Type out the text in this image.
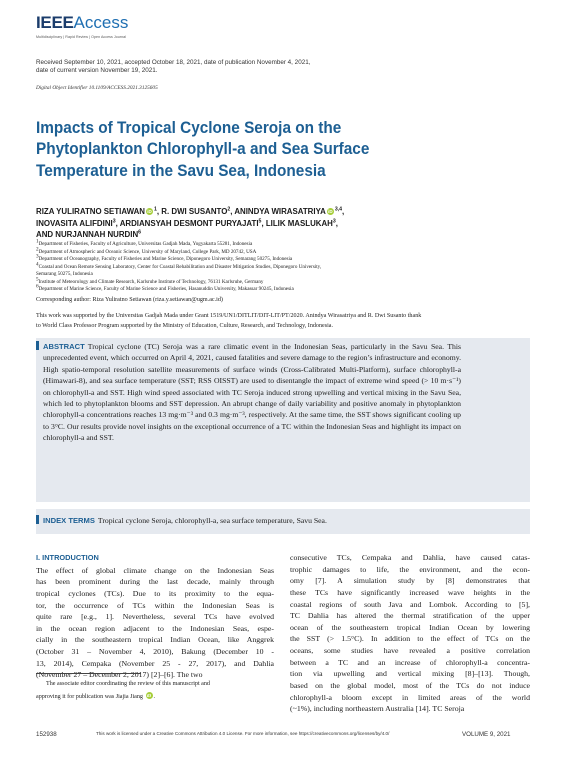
IEEEAccess
Multidisciplinary | Rapid Review | Open Access Journal
Received September 10, 2021, accepted October 18, 2021, date of publication November 4, 2021,
date of current version November 19, 2021.
Digital Object Identifier 10.1109/ACCESS.2021.3125605
Impacts of Tropical Cyclone Seroja on the
Phytoplankton Chlorophyll-a and Sea Surface
Temperature in the Savu Sea, Indonesia
RIZA YULIRATNO SETIAWAN iD $^1$, R. DWI SUSANTO$^2$, ANINDYA WIRASATRIYA iD $^{3,4}$,
INOVASITA ALIFDINI$^3$, ARDIANSYAH DESMONT PURYAJATI$^5$, LILIK MASLUKAH$^3$,
AND NURJANNAH NURDIN$^6$
$^1$Department of Fisheries, Faculty of Agriculture, Universitas Gadjah Mada, Yogyakarta 55281, Indonesia
$^2$Department of Atmospheric and Oceanic Science, University of Maryland, College Park, MD 20742, USA
$^3$Department of Oceanography, Faculty of Fisheries and Marine Science, Diponegoro University, Semarang 50275, Indonesia
$^4$Coastal and Ocean Remote Sensing Laboratory, Center for Coastal Rehabilitation and Disaster Mitigation Studies, Diponegoro University,
Semarang 50275, Indonesia
$^5$Institute of Meteorology and Climate Research, Karlsruhe Institute of Technology, 76131 Karlsruhe, Germany
$^6$Department of Marine Science, Faculty of Marine Science and Fisheries, Hasanuddin University, Makassar 90245, Indonesia
Corresponding author: Riza Yuliratno Setiawan (riza.y.setiawan@ugm.ac.id)
This work was supported by the Universitas Gadjah Mada under Grant 1519/UN1/DITLIT/DIT-LIT/PT/2020. Anindya Wirasatriya and R. Dwi Susanto thank to World Class Professor Program supported by the Ministry of Education, Culture, Research, and Technology, Indonesia.
ABSTRACT Tropical cyclone (TC) Seroja was a rare climatic event in the Indonesian Seas, particularly in the Savu Sea. This unprecedented event, which occurred on April 4, 2021, caused fatalities and severe damage to the region’s infrastructure and economy. High spatio-temporal resolution satellite measurements of surface winds (Cross-Calibrated Multi-Platform), surface chlorophyll-a (Himawari-8), and sea surface temperature (SST; RSS OISST) are used to disentangle the impact of extreme wind speed (> 10 m·s⁻¹) on chlorophyll-a and SST. High wind speed associated with TC Seroja induced strong upwelling and vertical mixing in the Savu Sea, which led to phytoplankton blooms and SST depression. An abrupt change of daily variability and positive anomaly in phytoplankton chlorophyll-a concentrations reaches 13 mg·m⁻³ and 0.3 mg·m⁻³, respectively. At the same time, the SST shows significant cooling up to 3°C. Our results provide novel insights on the exceptional occurrence of a TC within the Indonesian Seas and highlight its impact on chlorophyll-a and SST.
INDEX TERMS Tropical cyclone Seroja, chlorophyll-a, sea surface temperature, Savu Sea.
I. INTRODUCTION
The effect of global climate change on the Indonesian Seas
has been prominent during the last decade, mainly through
tropical cyclones (TCs). Due to its proximity to the equa-
tor, the occurrence of TCs within the Indonesian Seas is
quite rare [e.g., 1]. Nevertheless, several TCs have evolved
in the ocean region adjacent to the Indonesian Seas, espe-
cially in the southeastern tropical Indian Ocean, like Anggrek
(October 31 – November 4, 2010), Bakung (December 10 -
13, 2014), Cempaka (November 25 - 27, 2017), and Dahlia
(November 27 – December 2, 2017) [2]–[6]. The two
consecutive TCs, Cempaka and Dahlia, have caused catas-
trophic damages to life, the environment, and the econ-
omy [7]. A simulation study by [8] demonstrates that
these TCs have significantly increased wave heights in the
coastal regions of south Java and Lombok. According to [5],
TC Dahlia has altered the thermal stratification of the upper
ocean of the southeastern tropical Indian Ocean by lowering
the SST (> 1.5°C). In addition to the effect of TCs on the
oceans, some studies have revealed a positive correlation
between a TC and an increase of chlorophyll-a concentra-
tion via upwelling and vertical mixing [8]–[13]. Though,
based on the global model, most of the TCs do not induce
chlorophyll-a bloom except in limited areas of the world
(~1%), including northeastern Australia [14]. TC Seroja
The associate editor coordinating the review of this manuscript and
approving it for publication was Jiajia Jiang iD .
152938	This work is licensed under a Creative Commons Attribution 4.0 License. For more information, see https://creativecommons.org/licenses/by/4.0/	VOLUME 9, 2021
